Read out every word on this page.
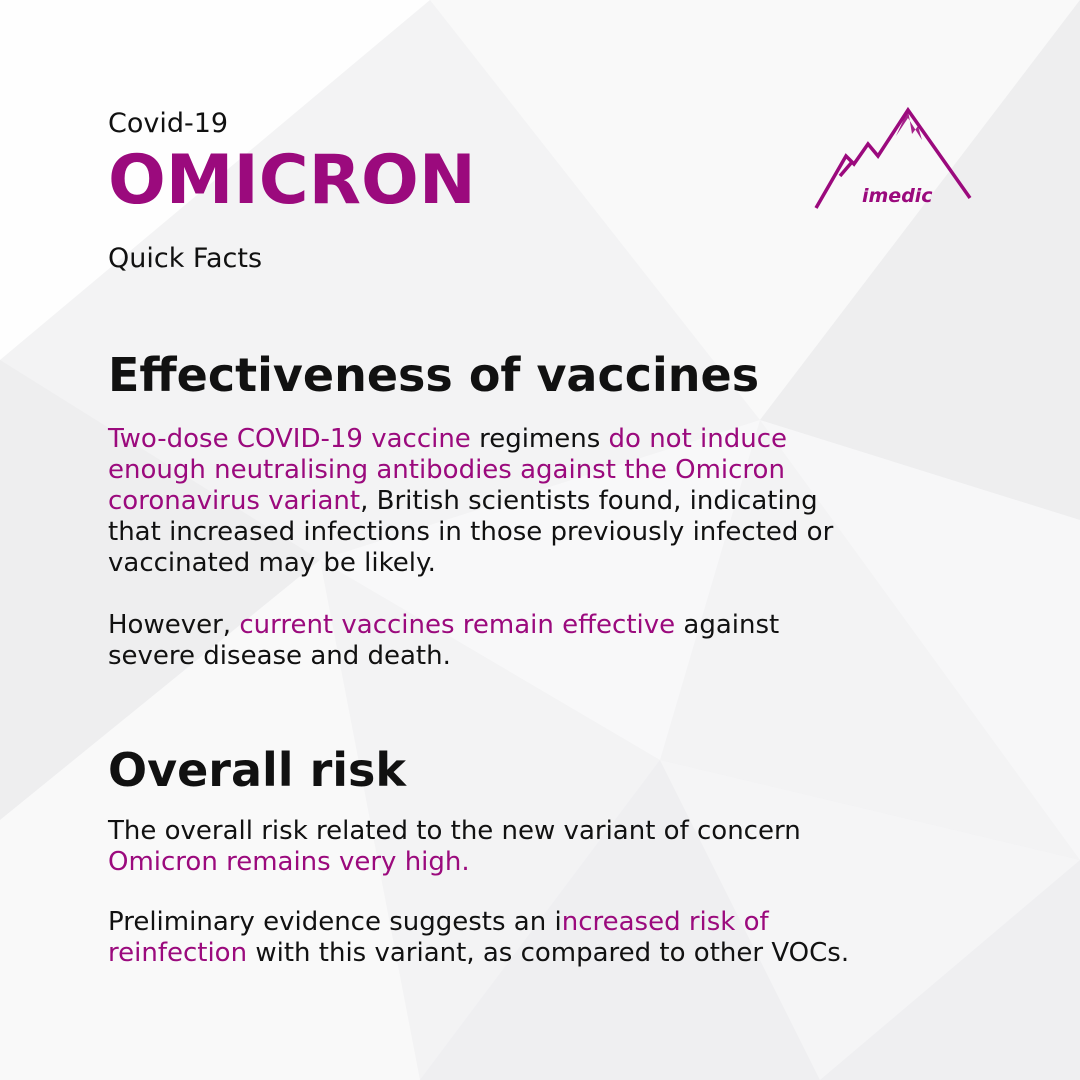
imedic
Covid-19
OMICRON
Quick Facts
Effectiveness of vaccines
Two-dose COVID-19 vaccine regimens do not induce
enough neutralising antibodies against the Omicron
coronavirus variant, British scientists found, indicating
that increased infections in those previously infected or
vaccinated may be likely.
However, current vaccines remain effective against
severe disease and death.
Overall risk
The overall risk related to the new variant of concern
Omicron remains very high.
Preliminary evidence suggests an increased risk of
reinfection with this variant, as compared to other VOCs.
